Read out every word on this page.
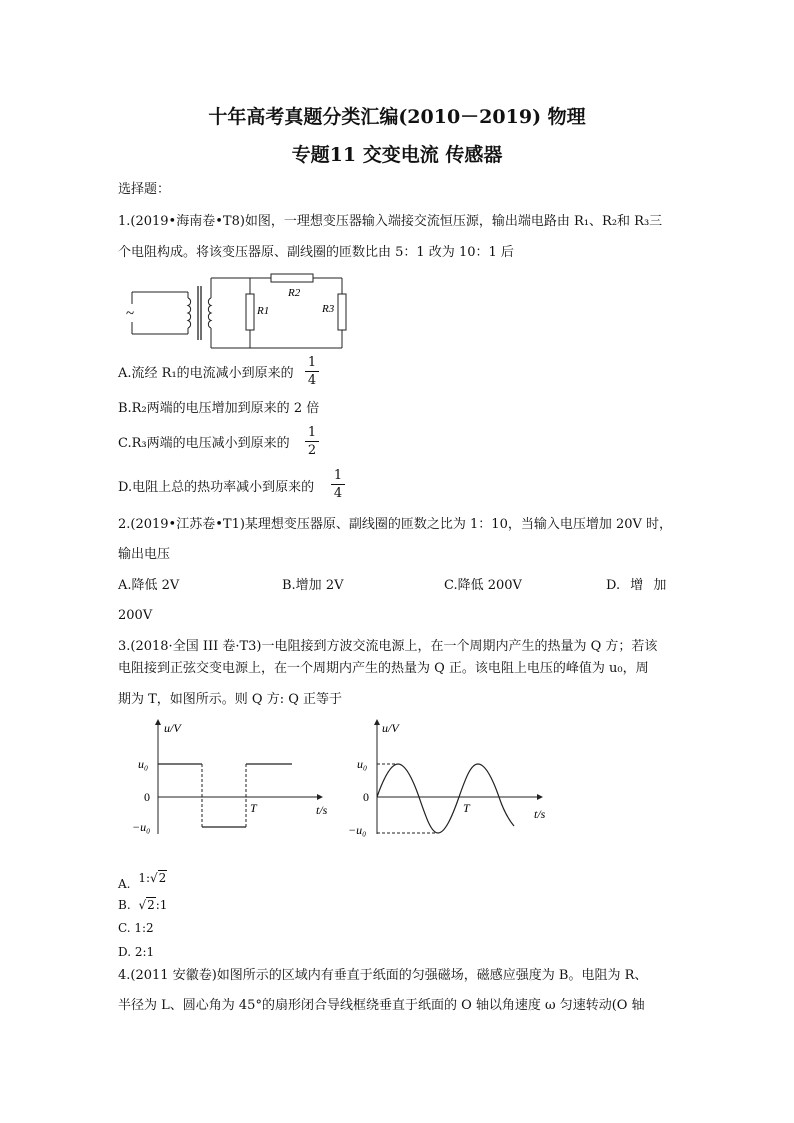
十年高考真题分类汇编(2010－2019) 物理
专题11 交变电流 传感器
选择题：
1.(2019•海南卷•T8)如图，一理想变压器输入端接交流恒压源，输出端电路由 R₁、R₂和 R₃三
个电阻构成。将该变压器原、副线圈的匝数比由 5：1 改为 10：1 后
~	R1
R2
R3
A.流经 R₁的电流减小到原来的
1
4
B.R₂两端的电压增加到原来的 2 倍
C.R₃两端的电压减小到原来的
1
2
D.电阻上总的热功率减小到原来的
1
4
2.(2019•江苏卷•T1)某理想变压器原、副线圈的匝数之比为 1：10，当输入电压增加 20V 时，
输出电压
A.降低 2V	B.增加 2V	C.降低 200V	D. 增 加
200V
3.(2018·全国 III 卷·T3)一电阻接到方波交流电源上，在一个周期内产生的热量为 Q 方；若该
电阻接到正弦交变电源上，在一个周期内产生的热量为 Q 正。该电阻上电压的峰值为 u₀，周
期为 T，如图所示。则 Q 方: Q 正等于
u/V
u₀
0
−u₀
T	t/s
u/V
u₀
0
−u₀
T	t/s
A. 1:√2
B. √2:1
C. 1:2
D. 2:1
4.(2011 安徽卷)如图所示的区域内有垂直于纸面的匀强磁场，磁感应强度为 B。电阻为 R、
半径为 L、圆心角为 45°的扇形闭合导线框绕垂直于纸面的 O 轴以角速度 ω 匀速转动(O 轴
